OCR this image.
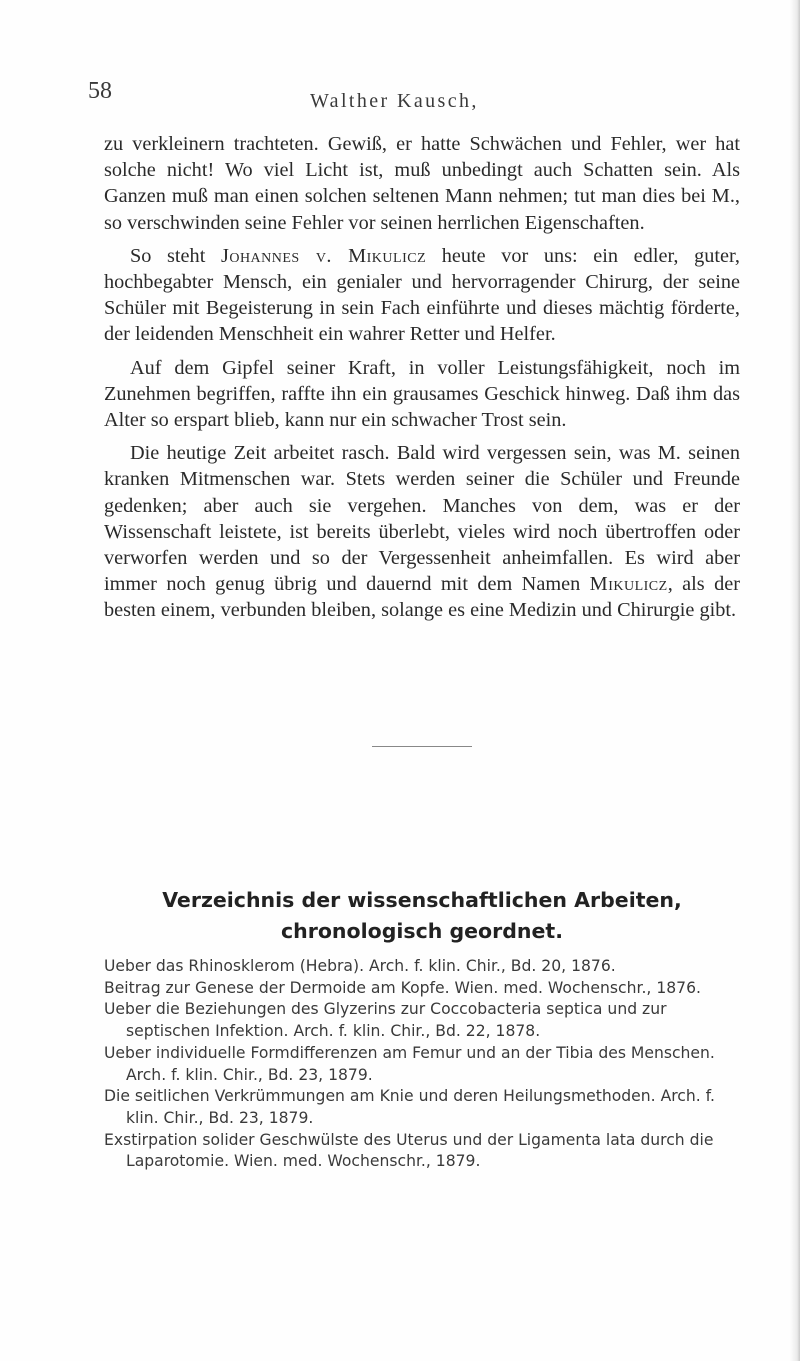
58	Walther Kausch,

zu verkleinern trachteten. Gewiß, er hatte Schwächen und Fehler, wer hat solche nicht! Wo viel Licht ist, muß unbedingt auch Schatten sein. Als Ganzen muß man einen solchen seltenen Mann nehmen; tut man dies bei M., so verschwinden seine Fehler vor seinen herrlichen Eigenschaften.

So steht Johannes v. Mikulicz heute vor uns: ein edler, guter, hochbegabter Mensch, ein genialer und hervorragender Chirurg, der seine Schüler mit Begeisterung in sein Fach einführte und dieses mächtig förderte, der leidenden Menschheit ein wahrer Retter und Helfer.

Auf dem Gipfel seiner Kraft, in voller Leistungsfähigkeit, noch im Zunehmen begriffen, raffte ihn ein grausames Geschick hinweg. Daß ihm das Alter so erspart blieb, kann nur ein schwacher Trost sein.

Die heutige Zeit arbeitet rasch. Bald wird vergessen sein, was M. seinen kranken Mitmenschen war. Stets werden seiner die Schüler und Freunde gedenken; aber auch sie vergehen. Manches von dem, was er der Wissenschaft leistete, ist bereits überlebt, vieles wird noch übertroffen oder verworfen werden und so der Vergessenheit anheimfallen. Es wird aber immer noch genug übrig und dauernd mit dem Namen Mikulicz, als der besten einem, verbunden bleiben, solange es eine Medizin und Chirurgie gibt.

Verzeichnis der wissenschaftlichen Arbeiten,
chronologisch geordnet.
Ueber das Rhinosklerom (Hebra). Arch. f. klin. Chir., Bd. 20, 1876.
Beitrag zur Genese der Dermoide am Kopfe. Wien. med. Wochenschr., 1876.
Ueber die Beziehungen des Glyzerins zur Coccobacteria septica und zur septischen Infektion. Arch. f. klin. Chir., Bd. 22, 1878.
Ueber individuelle Formdifferenzen am Femur und an der Tibia des Menschen. Arch. f. klin. Chir., Bd. 23, 1879.
Die seitlichen Verkrümmungen am Knie und deren Heilungsmethoden. Arch. f. klin. Chir., Bd. 23, 1879.
Exstirpation solider Geschwülste des Uterus und der Ligamenta lata durch die Laparotomie. Wien. med. Wochenschr., 1879.
